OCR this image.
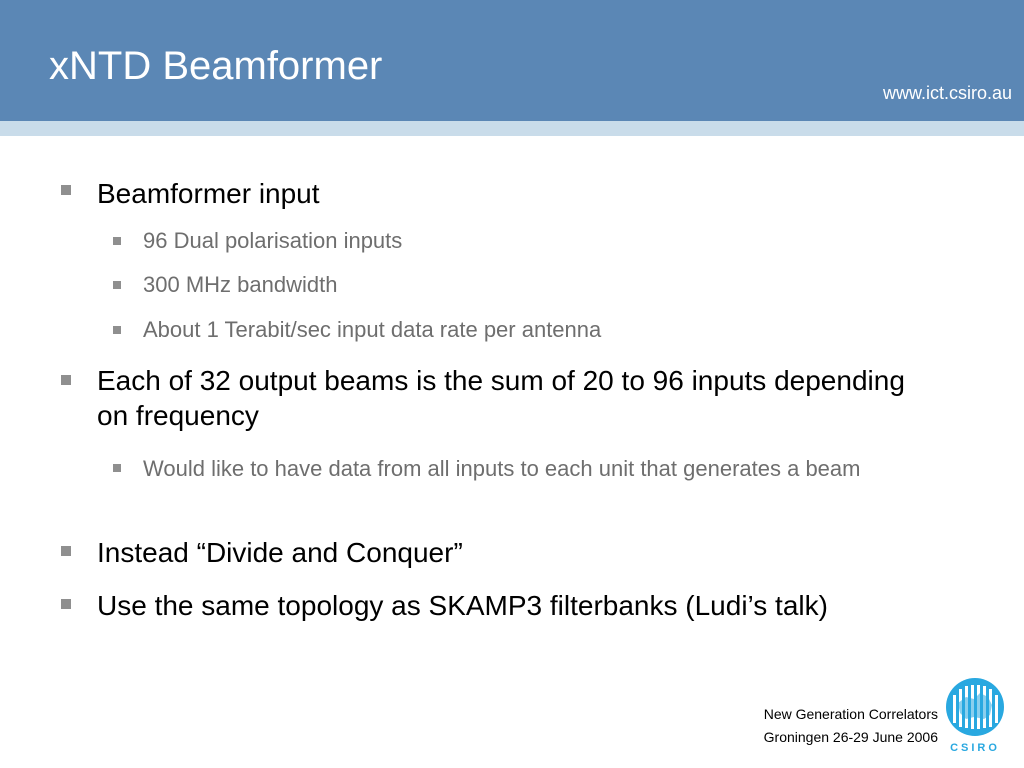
xNTD Beamformer
www.ict.csiro.au

Beamformer input

96 Dual polarisation inputs

300 MHz bandwidth

About 1 Terabit/sec input data rate per antenna

Each of 32 output beams is the sum of 20 to 96 inputs depending on frequency

Would like to have data from all inputs to each unit that generates a beam

Instead “Divide and Conquer”

Use the same topology as SKAMP3 filterbanks (Ludi’s talk)

New Generation Correlators
Groningen 26-29 June 2006
CSIRO
